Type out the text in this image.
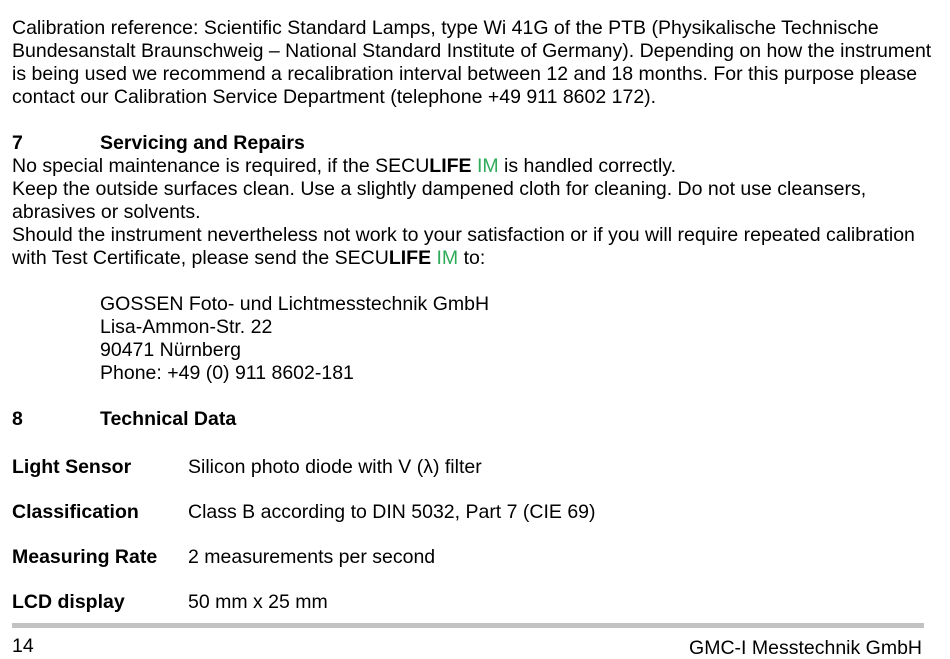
Calibration reference: Scientific Standard Lamps, type Wi 41G of the PTB (Physikalische Technische Bundesanstalt Braunschweig – National Standard Institute of Germany). Depending on how the instrument is being used we recommend a recalibration interval between 12 and 18 months. For this purpose please contact our Calibration Service Department (telephone +49 911 8602 172).

7	Servicing and Repairs

No special maintenance is required, if the SECULIFE IM is handled correctly.

Keep the outside surfaces clean. Use a slightly dampened cloth for cleaning. Do not use cleansers, abrasives or solvents.

Should the instrument nevertheless not work to your satisfaction or if you will require repeated calibration with Test Certificate, please send the SECULIFE IM to:

GOSSEN Foto- und Lichtmesstechnik GmbH

Lisa-Ammon-Str. 22

90471 Nürnberg

Phone: +49 (0) 911 8602-181

8	Technical Data
Light Sensor	Silicon photo diode with V (λ) filter
Classification	Class B according to DIN 5032, Part 7 (CIE 69)
Measuring Rate	2 measurements per second
LCD display	50 mm x 25 mm
14	GMC-I Messtechnik GmbH
